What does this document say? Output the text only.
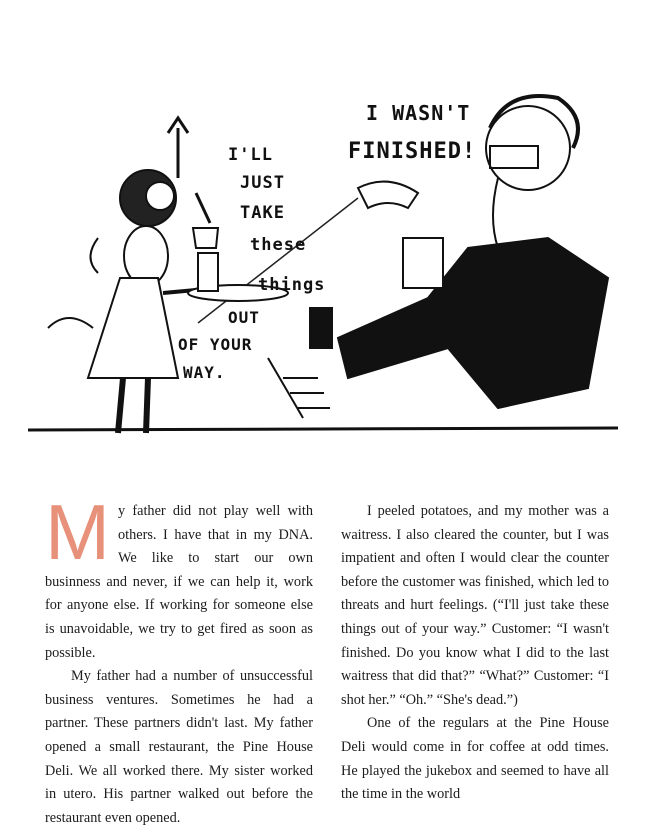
I'LL
JUST
TAKE
these
things
OUT
OF YOUR
WAY.
I WASN'T
FINISHED!

My father did not play well with others. I have that in my DNA. We like to start our own businness and never, if we can help it, work for anyone else. If working for someone else is unavoidable, we try to get fired as soon as possible.

My father had a number of unsuccessful business ventures. Sometimes he had a partner. These partners didn't last. My father opened a small restaurant, the Pine House Deli. We all worked there. My sister worked in utero. His partner walked out before the restaurant even opened.

I peeled potatoes, and my mother was a waitress. I also cleared the counter, but I was impatient and often I would clear the counter before the customer was finished, which led to threats and hurt feelings. (“I'll just take these things out of your way.” Customer: “I wasn't finished. Do you know what I did to the last waitress that did that?” “What?” Customer: “I shot her.” “Oh.” “She's dead.”)

One of the regulars at the Pine House Deli would come in for coffee at odd times. He played the jukebox and seemed to have all the time in the world
